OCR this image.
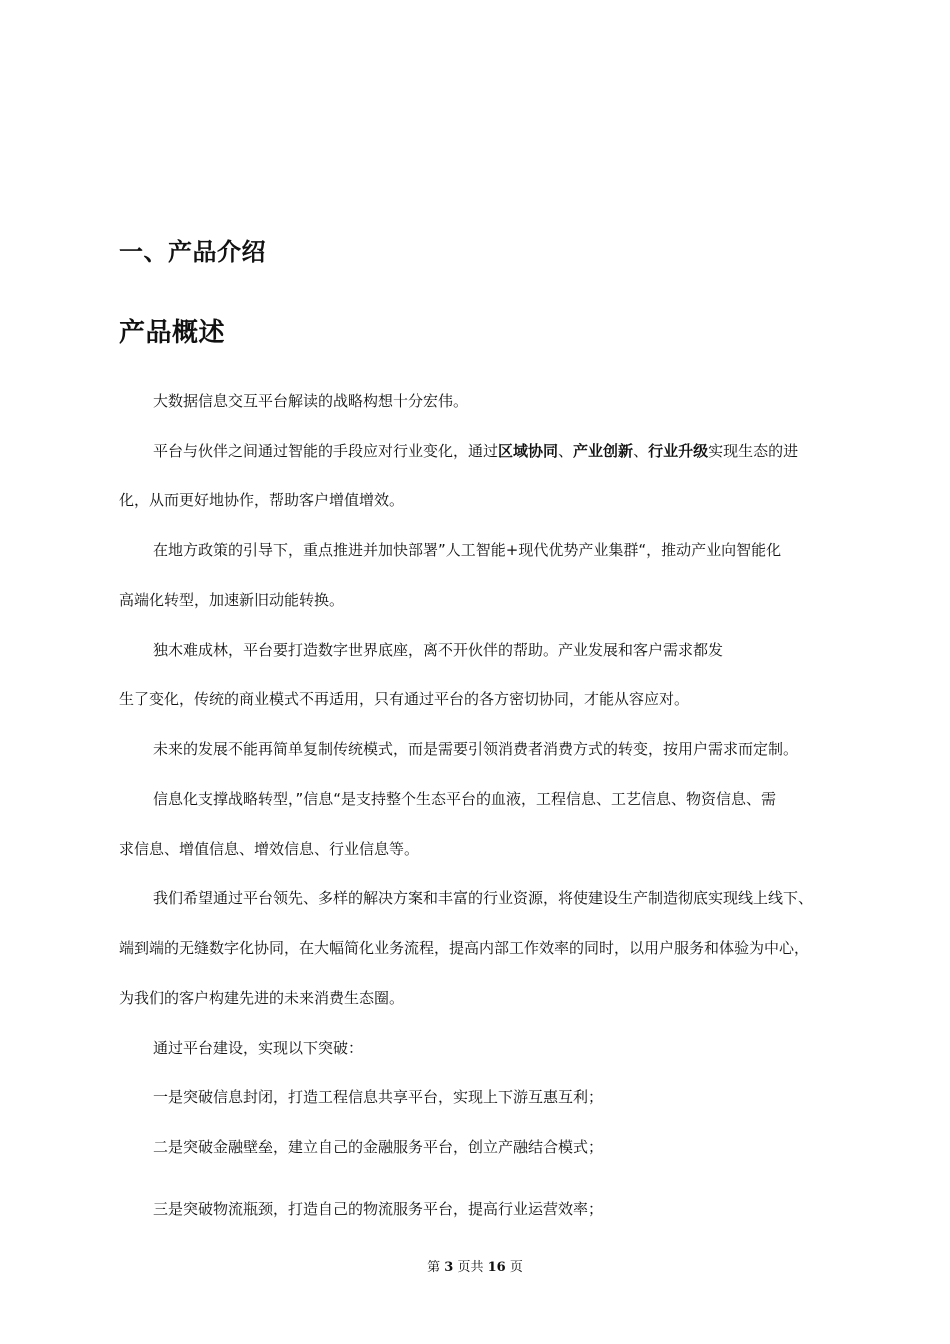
一、产品介绍
产品概述
大数据信息交互平台解读的战略构想十分宏伟。
平台与伙伴之间通过智能的手段应对行业变化，通过区域协同、产业创新、行业升级实现生态的进
化，从而更好地协作，帮助客户增值增效。
在地方政策的引导下，重点推进并加快部署”人工智能+现代优势产业集群“，推动产业向智能化
高端化转型，加速新旧动能转换。
独木难成林，平台要打造数字世界底座，离不开伙伴的帮助。产业发展和客户需求都发
生了变化，传统的商业模式不再适用，只有通过平台的各方密切协同，才能从容应对。
未来的发展不能再简单复制传统模式，而是需要引领消费者消费方式的转变，按用户需求而定制。
信息化支撑战略转型，”信息“是支持整个生态平台的血液，工程信息、工艺信息、物资信息、需
求信息、增值信息、增效信息、行业信息等。
我们希望通过平台领先、多样的解决方案和丰富的行业资源，将使建设生产制造彻底实现线上线下、
端到端的无缝数字化协同，在大幅简化业务流程，提高内部工作效率的同时，以用户服务和体验为中心，
为我们的客户构建先进的未来消费生态圈。
通过平台建设，实现以下突破：
一是突破信息封闭，打造工程信息共享平台，实现上下游互惠互利；
二是突破金融壁垒，建立自己的金融服务平台，创立产融结合模式；
三是突破物流瓶颈，打造自己的物流服务平台，提高行业运营效率；
第 3 页共 16 页
